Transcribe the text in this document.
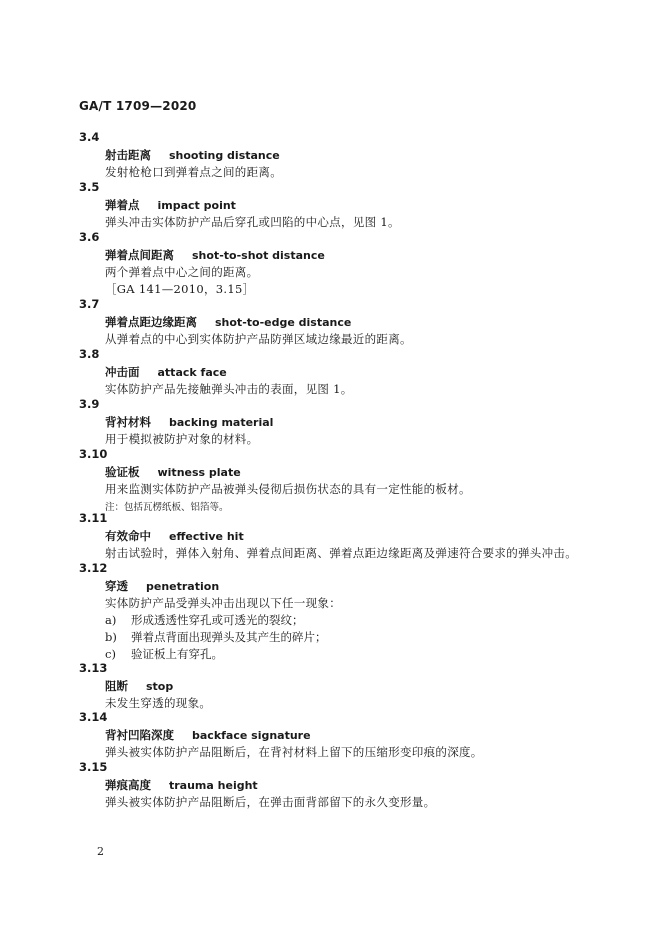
GA/T 1709—2020
3.4
射击距离 shooting distance
发射枪枪口到弹着点之间的距离。
3.5
弹着点 impact point
弹头冲击实体防护产品后穿孔或凹陷的中心点，见图 1。
3.6
弹着点间距离 shot-to-shot distance
两个弹着点中心之间的距离。
［GA 141—2010，3.15］
3.7
弹着点距边缘距离 shot-to-edge distance
从弹着点的中心到实体防护产品防弹区域边缘最近的距离。
3.8
冲击面 attack face
实体防护产品先接触弹头冲击的表面，见图 1。
3.9
背衬材料 backing material
用于模拟被防护对象的材料。
3.10
验证板 witness plate
用来监测实体防护产品被弹头侵彻后损伤状态的具有一定性能的板材。
注：包括瓦楞纸板、铝箔等。
3.11
有效命中 effective hit
射击试验时，弹体入射角、弹着点间距离、弹着点距边缘距离及弹速符合要求的弹头冲击。
3.12
穿透 penetration
实体防护产品受弹头冲击出现以下任一现象：
a) 形成透透性穿孔或可透光的裂纹；
b) 弹着点背面出现弹头及其产生的碎片；
c) 验证板上有穿孔。
3.13
阻断 stop
未发生穿透的现象。
3.14
背衬凹陷深度 backface signature
弹头被实体防护产品阻断后，在背衬材料上留下的压缩形变印痕的深度。
3.15
弹痕高度 trauma height
弹头被实体防护产品阻断后，在弹击面背部留下的永久变形量。
2
